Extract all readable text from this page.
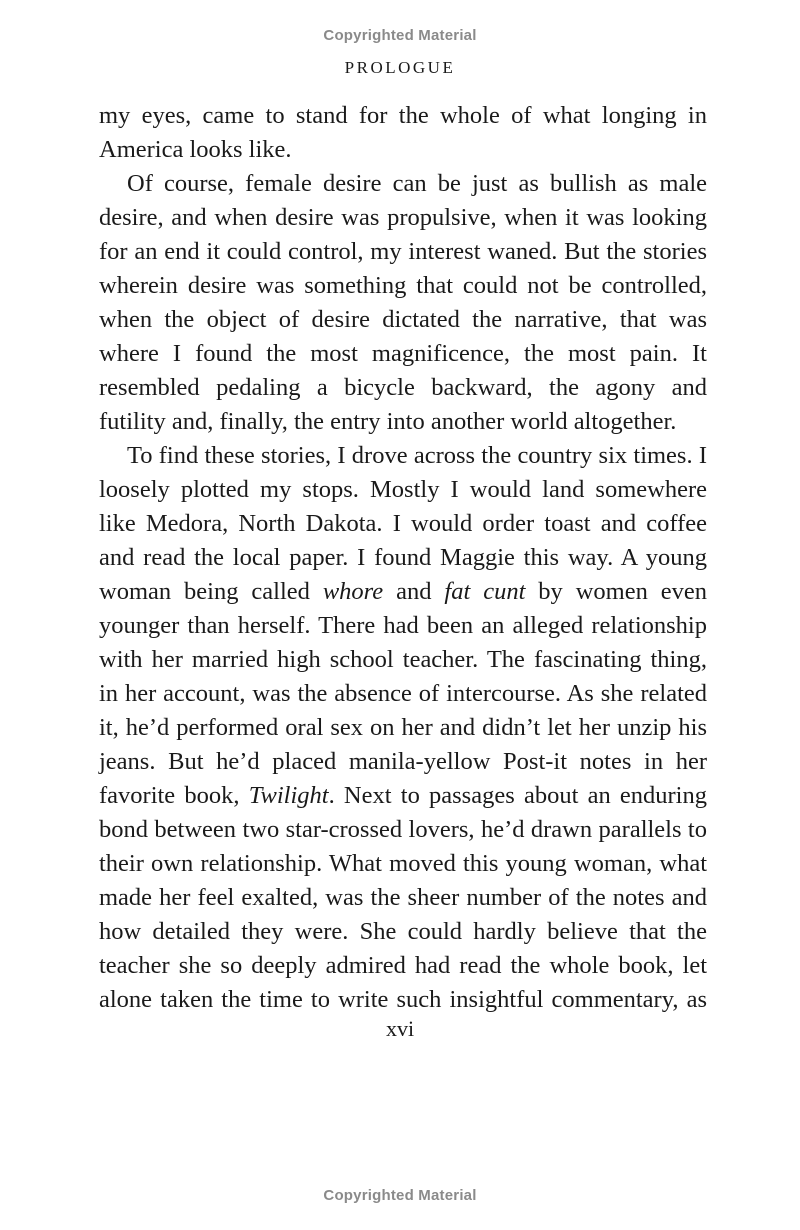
Copyrighted Material
PROLOGUE

my eyes, came to stand for the whole of what longing in America looks like.

Of course, female desire can be just as bullish as male desire, and when desire was propulsive, when it was looking for an end it could control, my interest waned. But the stories wherein desire was something that could not be controlled, when the object of desire dictated the narrative, that was where I found the most magnificence, the most pain. It resembled pedaling a bicycle backward, the agony and futility and, finally, the entry into another world altogether.

To find these stories, I drove across the country six times. I loosely plotted my stops. Mostly I would land somewhere like Medora, North Dakota. I would order toast and coffee and read the local paper. I found Maggie this way. A young woman being called whore and fat cunt by women even younger than herself. There had been an alleged relationship with her married high school teacher. The fascinating thing, in her account, was the absence of intercourse. As she related it, he’d performed oral sex on her and didn’t let her unzip his jeans. But he’d placed manila-yellow Post-it notes in her favorite book, Twilight. Next to passages about an enduring bond between two star-crossed lovers, he’d drawn parallels to their own relationship. What moved this young woman, what made her feel exalted, was the sheer number of the notes and how detailed they were. She could hardly believe that the teacher she so deeply admired had read the whole book, let alone taken the time to write such insightful commentary, as

xvi
Copyrighted Material
